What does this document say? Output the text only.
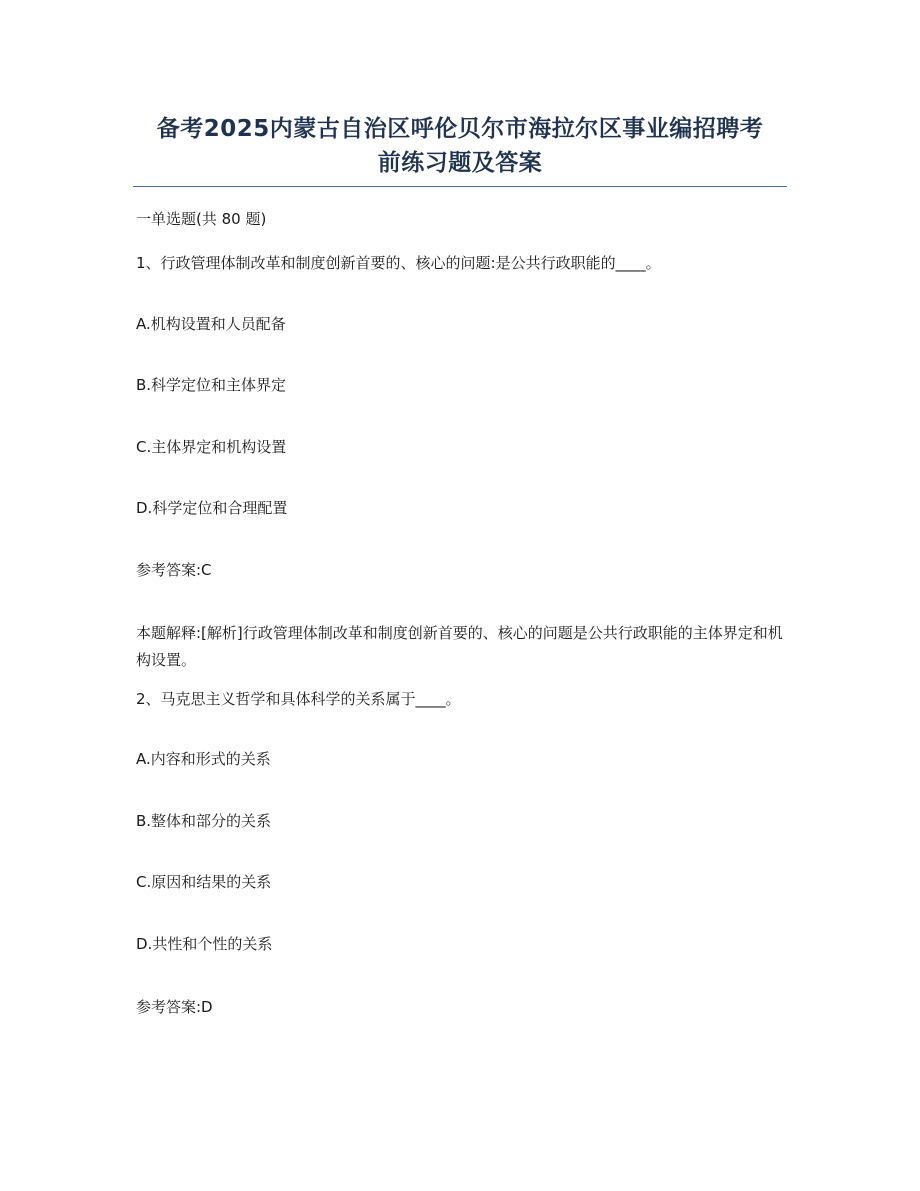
备考2025内蒙古自治区呼伦贝尔市海拉尔区事业编招聘考
前练习题及答案
一单选题(共 80 题)
1、行政管理体制改革和制度创新首要的、核心的问题:是公共行政职能的____。
A.机构设置和人员配备
B.科学定位和主体界定
C.主体界定和机构设置
D.科学定位和合理配置
参考答案:C
本题解释:[解析]行政管理体制改革和制度创新首要的、核心的问题是公共行政职能的主体界定和机构设置。
2、马克思主义哲学和具体科学的关系属于____。
A.内容和形式的关系
B.整体和部分的关系
C.原因和结果的关系
D.共性和个性的关系
参考答案:D
